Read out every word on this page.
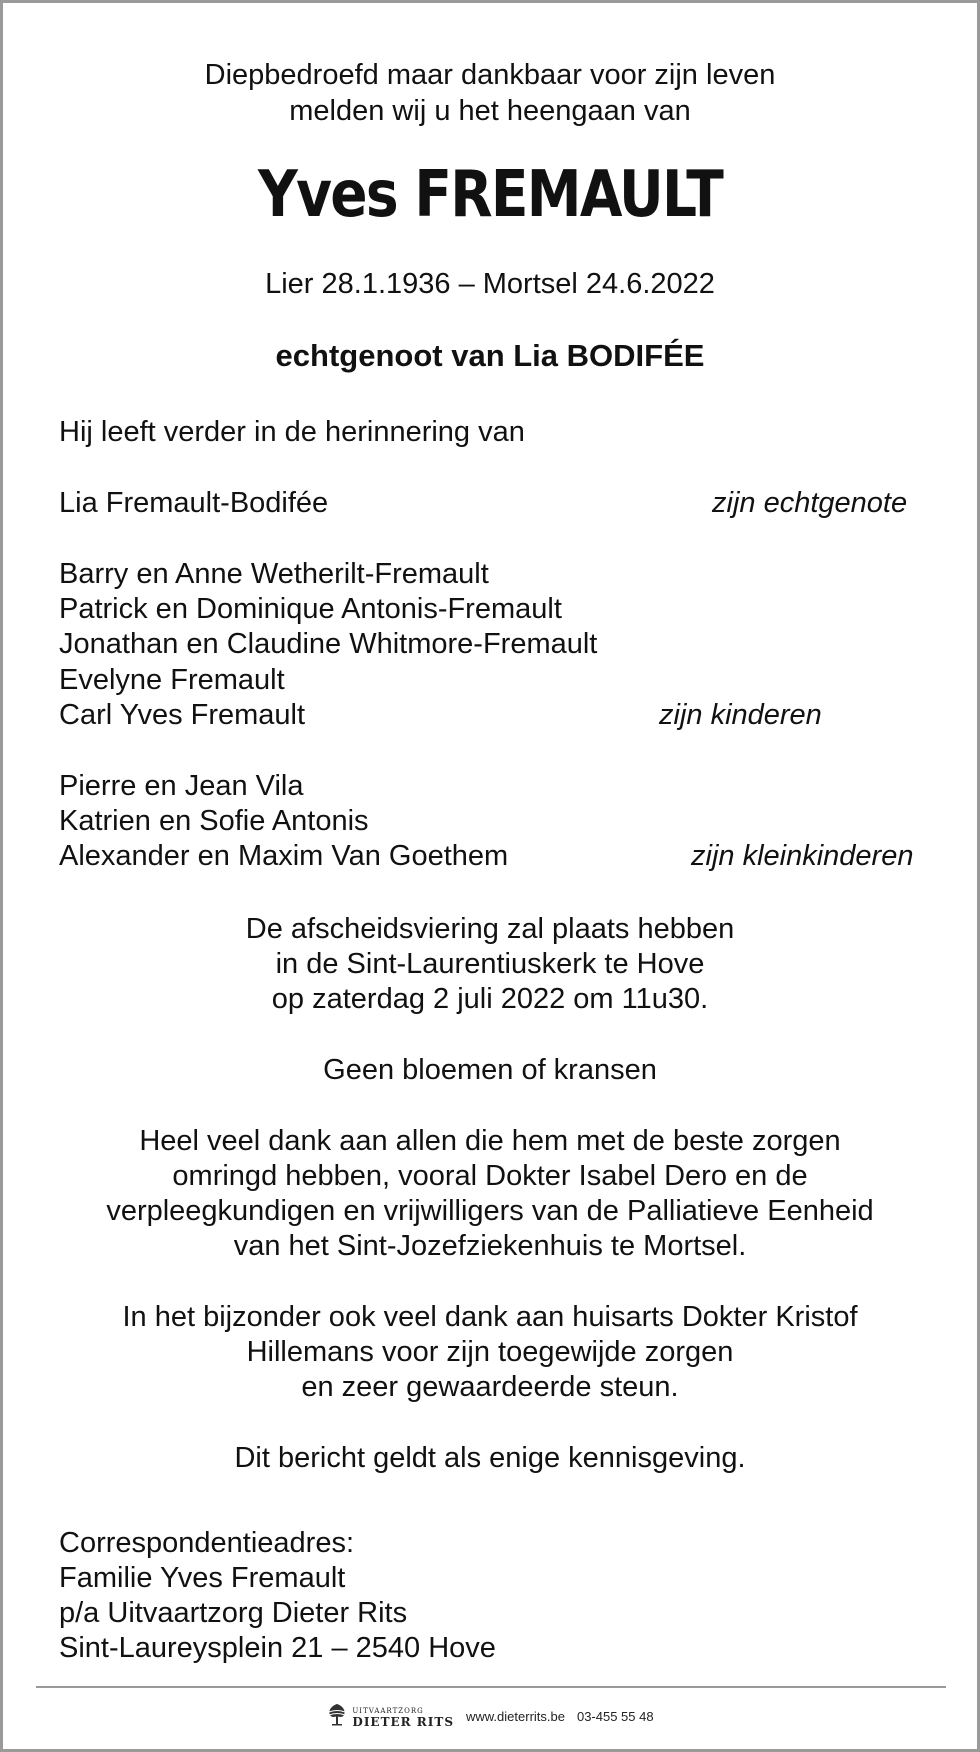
Diepbedroefd maar dankbaar voor zijn leven
melden wij u het heengaan van
Yves FREMAULT
Lier 28.1.1936 – Mortsel 24.6.2022
echtgenoot van Lia BODIFÉE
Hij leeft verder in de herinnering van
Lia Fremault-Bodifée	zijn echtgenote
Barry en Anne Wetherilt-Fremault
Patrick en Dominique Antonis-Fremault
Jonathan en Claudine Whitmore-Fremault
Evelyne Fremault
Carl Yves Fremault	zijn kinderen
Pierre en Jean Vila
Katrien en Sofie Antonis
Alexander en Maxim Van Goethem	zijn kleinkinderen
De afscheidsviering zal plaats hebben
in de Sint-Laurentiuskerk te Hove
op zaterdag 2 juli 2022 om 11u30.
Geen bloemen of kransen
Heel veel dank aan allen die hem met de beste zorgen
omringd hebben, vooral Dokter Isabel Dero en de
verpleegkundigen en vrijwilligers van de Palliatieve Eenheid
van het Sint-Jozefziekenhuis te Mortsel.
In het bijzonder ook veel dank aan huisarts Dokter Kristof
Hillemans voor zijn toegewijde zorgen
en zeer gewaardeerde steun.
Dit bericht geldt als enige kennisgeving.
Correspondentieadres:
Familie Yves Fremault
p/a Uitvaartzorg Dieter Rits
Sint-Laureysplein 21 – 2540 Hove
UITVAARTZORG
DIETER RITS www.dieterrits.be 03-455 55 48
